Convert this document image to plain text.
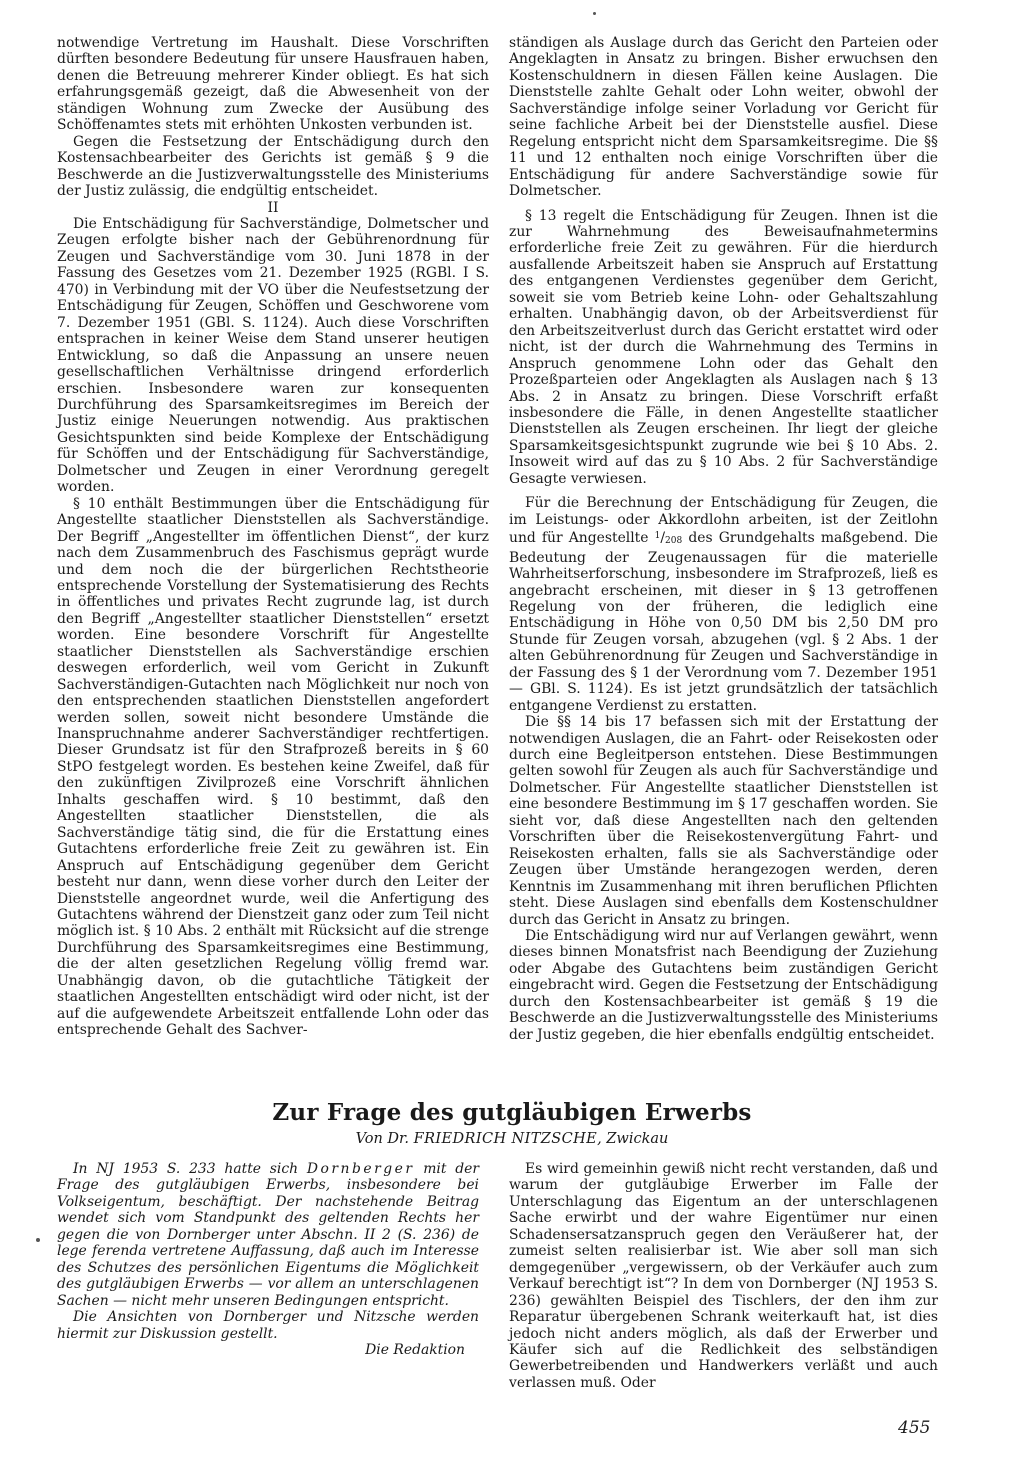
notwendige Vertretung im Haushalt. Diese Vorschriften dürften besondere Bedeutung für unsere Hausfrauen haben, denen die Betreuung mehrerer Kinder obliegt. Es hat sich erfahrungsgemäß gezeigt, daß die Abwesenheit von der ständigen Wohnung zum Zwecke der Ausübung des Schöffenamtes stets mit erhöhten Unkosten verbunden ist.

Gegen die Festsetzung der Entschädigung durch den Kostensachbearbeiter des Gerichts ist gemäß § 9 die Beschwerde an die Justizverwaltungsstelle des Ministeriums der Justiz zulässig, die endgültig entscheidet.

II

Die Entschädigung für Sachverständige, Dolmetscher und Zeugen erfolgte bisher nach der Gebührenordnung für Zeugen und Sachverständige vom 30. Juni 1878 in der Fassung des Gesetzes vom 21. Dezember 1925 (RGBl. I S. 470) in Verbindung mit der VO über die Neufestsetzung der Entschädigung für Zeugen, Schöffen und Geschworene vom 7. Dezember 1951 (GBl. S. 1124). Auch diese Vorschriften entsprachen in keiner Weise dem Stand unserer heutigen Entwicklung, so daß die Anpassung an unsere neuen gesellschaftlichen Verhältnisse dringend erforderlich erschien. Insbesondere waren zur konsequenten Durchführung des Sparsamkeitsregimes im Bereich der Justiz einige Neuerungen notwendig. Aus praktischen Gesichtspunkten sind beide Komplexe der Entschädigung für Schöffen und der Entschädigung für Sachverständige, Dolmetscher und Zeugen in einer Verordnung geregelt worden.

§ 10 enthält Bestimmungen über die Entschädigung für Angestellte staatlicher Dienststellen als Sachverständige. Der Begriff „Angestellter im öffentlichen Dienst“, der kurz nach dem Zusammenbruch des Faschismus geprägt wurde und dem noch die der bürgerlichen Rechtstheorie entsprechende Vorstellung der Systematisierung des Rechts in öffentliches und privates Recht zugrunde lag, ist durch den Begriff „Angestellter staatlicher Dienststellen“ ersetzt worden. Eine besondere Vorschrift für Angestellte staatlicher Dienststellen als Sachverständige erschien deswegen erforderlich, weil vom Gericht in Zukunft Sachverständigen-Gutachten nach Möglichkeit nur noch von den entsprechenden staatlichen Dienststellen angefordert werden sollen, soweit nicht besondere Umstände die Inanspruchnahme anderer Sachverständiger rechtfertigen. Dieser Grundsatz ist für den Strafprozeß bereits in § 60 StPO festgelegt worden. Es bestehen keine Zweifel, daß für den zukünftigen Zivilprozeß eine Vorschrift ähnlichen Inhalts geschaffen wird. § 10 bestimmt, daß den Angestellten staatlicher Dienststellen, die als Sachverständige tätig sind, die für die Erstattung eines Gutachtens erforderliche freie Zeit zu gewähren ist. Ein Anspruch auf Entschädigung gegenüber dem Gericht besteht nur dann, wenn diese vorher durch den Leiter der Dienststelle angeordnet wurde, weil die Anfertigung des Gutachtens während der Dienstzeit ganz oder zum Teil nicht möglich ist. § 10 Abs. 2 enthält mit Rücksicht auf die strenge Durchführung des Sparsamkeitsregimes eine Bestimmung, die der alten gesetzlichen Regelung völlig fremd war. Unabhängig davon, ob die gutachtliche Tätigkeit der staatlichen Angestellten entschädigt wird oder nicht, ist der auf die aufgewendete Arbeitszeit entfallende Lohn oder das entsprechende Gehalt des Sachver-

ständigen als Auslage durch das Gericht den Parteien oder Angeklagten in Ansatz zu bringen. Bisher erwuchsen den Kostenschuldnern in diesen Fällen keine Auslagen. Die Dienststelle zahlte Gehalt oder Lohn weiter, obwohl der Sachverständige infolge seiner Vorladung vor Gericht für seine fachliche Arbeit bei der Dienststelle ausfiel. Diese Regelung entspricht nicht dem Sparsamkeitsregime. Die §§ 11 und 12 enthalten noch einige Vorschriften über die Entschädigung für andere Sachverständige sowie für Dolmetscher.

§ 13 regelt die Entschädigung für Zeugen. Ihnen ist die zur Wahrnehmung des Beweisaufnahmetermins erforderliche freie Zeit zu gewähren. Für die hierdurch ausfallende Arbeitszeit haben sie Anspruch auf Erstattung des entgangenen Verdienstes gegenüber dem Gericht, soweit sie vom Betrieb keine Lohn- oder Gehaltszahlung erhalten. Unabhängig davon, ob der Arbeitsverdienst für den Arbeitszeitverlust durch das Gericht erstattet wird oder nicht, ist der durch die Wahrnehmung des Termins in Anspruch genommene Lohn oder das Gehalt den Prozeßparteien oder Angeklagten als Auslagen nach § 13 Abs. 2 in Ansatz zu bringen. Diese Vorschrift erfaßt insbesondere die Fälle, in denen Angestellte staatlicher Dienststellen als Zeugen erscheinen. Ihr liegt der gleiche Sparsamkeitsgesichtspunkt zugrunde wie bei § 10 Abs. 2. Insoweit wird auf das zu § 10 Abs. 2 für Sachverständige Gesagte verwiesen.

Für die Berechnung der Entschädigung für Zeugen, die im Leistungs- oder Akkordlohn arbeiten, ist der Zeitlohn und für Angestellte $^1$/208 des Grundgehalts maßgebend. Die Bedeutung der Zeugenaussagen für die materielle Wahrheitserforschung, insbesondere im Strafprozeß, ließ es angebracht erscheinen, mit dieser in § 13 getroffenen Regelung von der früheren, die lediglich eine Entschädigung in Höhe von 0,50 DM bis 2,50 DM pro Stunde für Zeugen vorsah, abzugehen (vgl. § 2 Abs. 1 der alten Gebührenordnung für Zeugen und Sachverständige in der Fassung des § 1 der Verordnung vom 7. Dezember 1951 — GBl. S. 1124). Es ist jetzt grundsätzlich der tatsächlich entgangene Verdienst zu erstatten.

Die §§ 14 bis 17 befassen sich mit der Erstattung der notwendigen Auslagen, die an Fahrt- oder Reisekosten oder durch eine Begleitperson entstehen. Diese Bestimmungen gelten sowohl für Zeugen als auch für Sachverständige und Dolmetscher. Für Angestellte staatlicher Dienststellen ist eine besondere Bestimmung im § 17 geschaffen worden. Sie sieht vor, daß diese Angestellten nach den geltenden Vorschriften über die Reisekostenvergütung Fahrt- und Reisekosten erhalten, falls sie als Sachverständige oder Zeugen über Umstände herangezogen werden, deren Kenntnis im Zusammenhang mit ihren beruflichen Pflichten steht. Diese Auslagen sind ebenfalls dem Kostenschuldner durch das Gericht in Ansatz zu bringen.

Die Entschädigung wird nur auf Verlangen gewährt, wenn dieses binnen Monatsfrist nach Beendigung der Zuziehung oder Abgabe des Gutachtens beim zuständigen Gericht eingebracht wird. Gegen die Festsetzung der Entschädigung durch den Kostensachbearbeiter ist gemäß § 19 die Beschwerde an die Justizverwaltungsstelle des Ministeriums der Justiz gegeben, die hier ebenfalls endgültig entscheidet.

Zur Frage des gutgläubigen Erwerbs
Von Dr. FRIEDRICH NITZSCHE, Zwickau

In NJ 1953 S. 233 hatte sich Dornberger mit der Frage des gutgläubigen Erwerbs, insbesondere bei Volkseigentum, beschäftigt. Der nachstehende Beitrag wendet sich vom Standpunkt des geltenden Rechts her gegen die von Dornberger unter Abschn. II 2 (S. 236) de lege ferenda vertretene Auffassung, daß auch im Interesse des Schutzes des persönlichen Eigentums die Möglichkeit des gutgläubigen Erwerbs — vor allem an unterschlagenen Sachen — nicht mehr unseren Bedingungen entspricht.

Die Ansichten von Dornberger und Nitzsche werden hiermit zur Diskussion gestellt.

Die Redaktion

Es wird gemeinhin gewiß nicht recht verstanden, daß und warum der gutgläubige Erwerber im Falle der Unterschlagung das Eigentum an der unterschlagenen Sache erwirbt und der wahre Eigentümer nur einen Schadensersatzanspruch gegen den Veräußerer hat, der zumeist selten realisierbar ist. Wie aber soll man sich demgegenüber „vergewissern, ob der Verkäufer auch zum Verkauf berechtigt ist“? In dem von Dornberger (NJ 1953 S. 236) gewählten Beispiel des Tischlers, der den ihm zur Reparatur übergebenen Schrank weiterkauft hat, ist dies jedoch nicht anders möglich, als daß der Erwerber und Käufer sich auf die Redlichkeit des selbständigen Gewerbetreibenden und Handwerkers verläßt und auch verlassen muß. Oder

455
